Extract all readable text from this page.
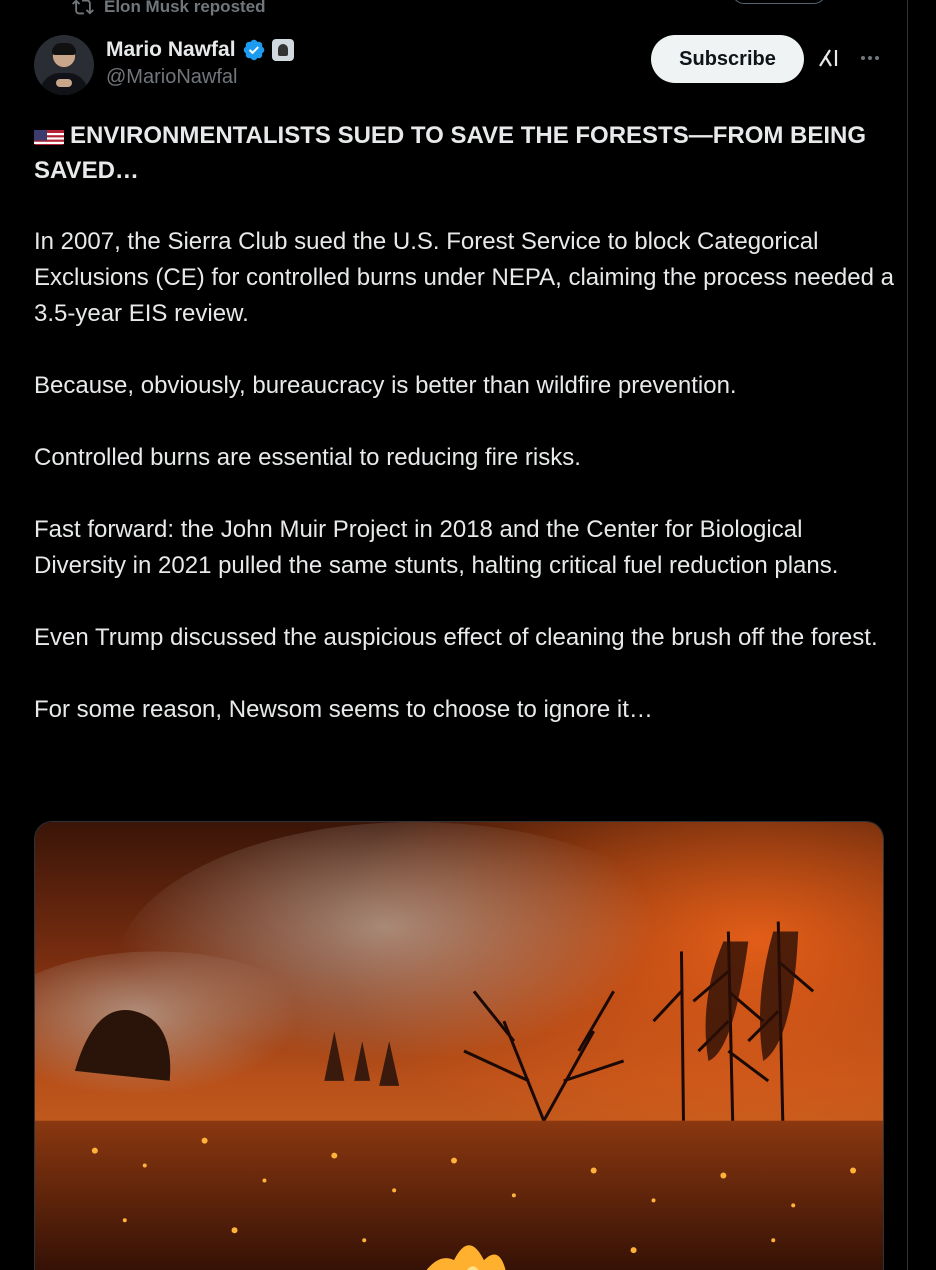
Elon Musk reposted
Mario Nawfal
@MarioNawfal
Subscribe

ENVIRONMENTALISTS SUED TO SAVE THE FORESTS—FROM BEING SAVED…

In 2007, the Sierra Club sued the U.S. Forest Service to block Categorical Exclusions (CE) for controlled burns under NEPA, claiming the process needed a 3.5-year EIS review.

Because, obviously, bureaucracy is better than wildfire prevention.

Controlled burns are essential to reducing fire risks.

Fast forward: the John Muir Project in 2018 and the Center for Biological Diversity in 2021 pulled the same stunts, halting critical fuel reduction plans.

Even Trump discussed the auspicious effect of cleaning the brush off the forest.

For some reason, Newsom seems to choose to ignore it…
